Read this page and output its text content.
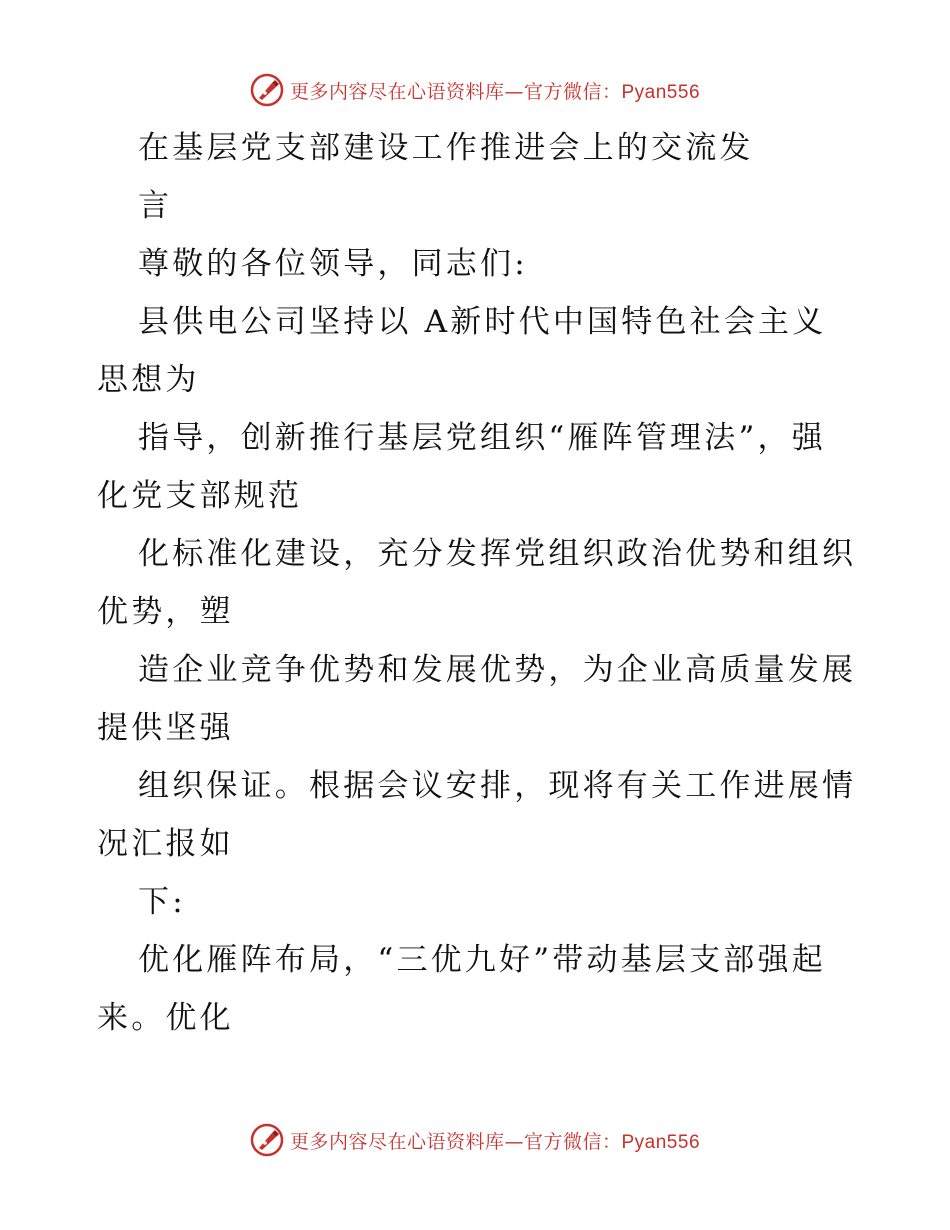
更多内容尽在心语资料库—官方微信：Pyan556
在基层党支部建设工作推进会上的交流发
言
尊敬的各位领导，同志们:
县供电公司坚持以 A新时代中国特色社会主义
思想为
指导，创新推行基层党组织“雁阵管理法”，强
化党支部规范
化标准化建设，充分发挥党组织政治优势和组织
优势，塑
造企业竞争优势和发展优势，为企业高质量发展
提供坚强
组织保证。根据会议安排，现将有关工作进展情
况汇报如
下:
优化雁阵布局，“三优九好”带动基层支部强起
来。优化
更多内容尽在心语资料库—官方微信：Pyan556
